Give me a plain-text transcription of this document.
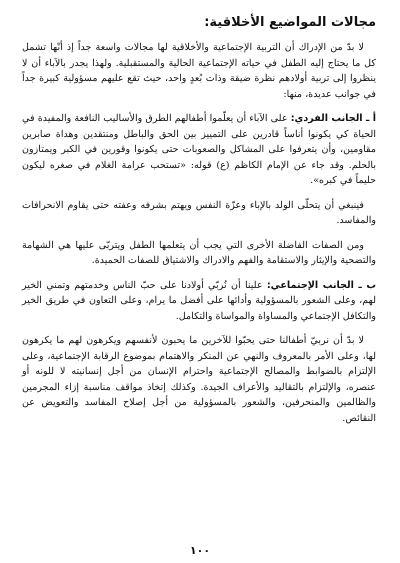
مجالات المواضيع الأخلاقية:

لا بدّ من الإدراك أن التربية الإجتماعية والأخلاقية لها مجالات واسعة جداً إذ أنّها تشمل كل ما يحتاج إليه الطفل في حياته الإجتماعية الحالية والمستقبلية. ولهذا يجدر بالآباء أن لا ينظروا إلى تربية أولادهم نظرة ضيقة وذات بُعدٍ واحد، حيث تقع عليهم مسؤولية كبيرة جداً في جوانب عديدة، منها:

أ ـ الجانب الفردي: على الآباء أن يعلّموا أطفالهم الطرق والأساليب النافعة والمفيدة في الحياة كي يكونوا أناساً قادرين على التمييز بين الحق والباطل ومنتقدين وهداة صابرين مقاومين، وأن يتعرفوا على المشاكل والصعوبات حتى يكونوا وقورين في الكبر ويمتازون بالحلم. وقد جاء عن الإمام الكاظم (ع) قوله: «تستحب عرامة الغلام في صغره ليكون حليماً في كبره».

فينبغي أن يتحلّى الولد بالإباء وعزّة النفس ويهتم بشرفه وعفته حتى يقاوم الانحرافات والمفاسد.

ومن الصفات الفاضلة الأخرى التي يجب أن يتعلمها الطفل ويتربّى عليها هي الشهامة والتضحية والإيثار والاستقامة والفهم والادراك والاشتياق للصفات الحميدة.

ب ـ الجانب الإجتماعي: علينا أن نُربّي أولادنا على حبّ الناس وخدمتهم وتمني الخير لهم، وعلى الشعور بالمسؤولية وأدائها على أفضل ما يرام، وعلى التعاون في طريق الخير والتكافل الإجتماعي والمساواة والمواساة والتكامل.

لا بدّ أن نربيّ أطفالنا حتى يحبّوا للآخرين ما يحبون لأنفسهم ويكرهون لهم ما يكرهون لها، وعلى الأمر بالمعروف والنهي عن المنكر والاهتمام بموضوع الرقابة الإجتماعية، وعلى الإلتزام بالضوابط والمصالح الإجتماعية واحترام الإنسان من أجل إنسانيته لا للونه أو عنصره، والإلتزام بالتقاليد والأعراف الجيدة. وكذلك إتخاذ مواقف مناسبة إزاء المجرمين والظالمين والمنحرفين، والشعور بالمسؤولية من أجل إصلاح المفاسد والتعويض عن النقائص.

١٠٠
